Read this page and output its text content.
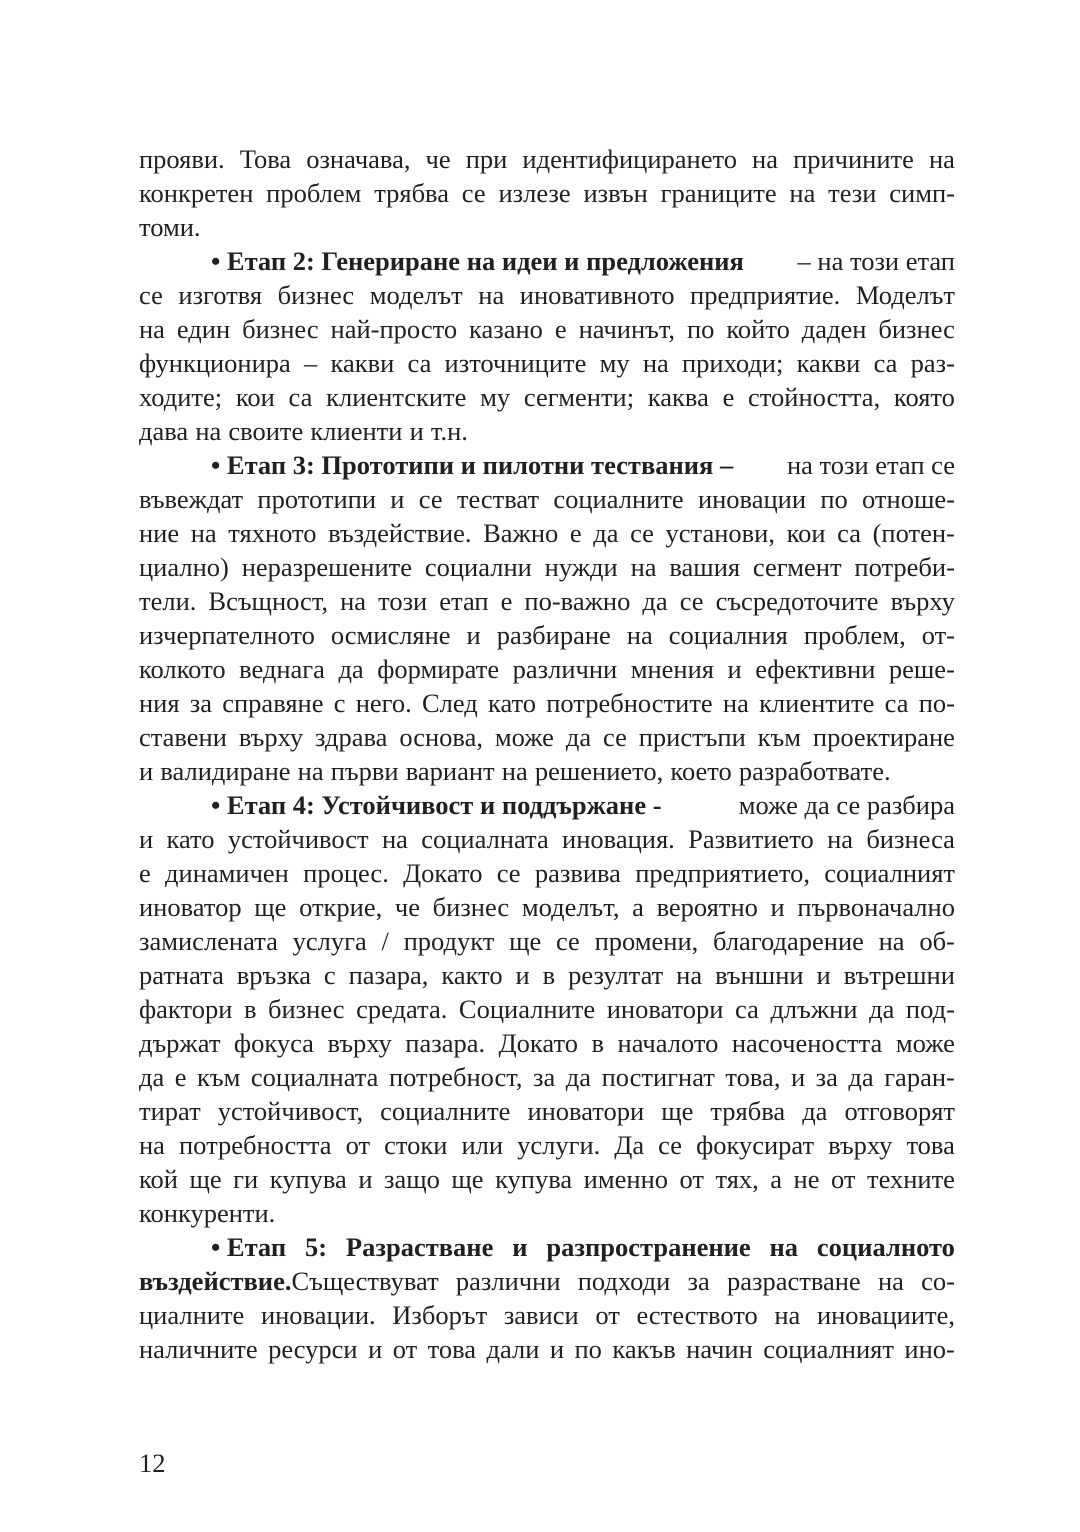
прояви. Това означава, че при идентифицирането на причините на
конкретен проблем трябва се излезе извън границите на тези симп-
томи.
• Етап 2: Генериране на идеи и предложения – на този етап
се изготвя бизнес моделът на иновативното предприятие. Моделът
на един бизнес най-просто казано е начинът, по който даден бизнес
функционира – какви са източниците му на приходи; какви са раз-
ходите; кои са клиентските му сегменти; каква е стойността, която
дава на своите клиенти и т.н.
• Етап 3: Прототипи и пилотни тествания – на този етап се
въвеждат прототипи и се тестват социалните иновации по отноше-
ние на тяхното въздействие. Важно е да се установи, кои са (потен-
циално) неразрешените социални нужди на вашия сегмент потреби-
тели. Всъщност, на този етап е по-важно да се съсредоточите върху
изчерпателното осмисляне и разбиране на социалния проблем, от-
колкото веднага да формирате различни мнения и ефективни реше-
ния за справяне с него. След като потребностите на клиентите са по-
ставени върху здрава основа, може да се пристъпи към проектиране
и валидиране на първи вариант на решението, което разработвате.
• Етап 4: Устойчивост и поддържане -	може да се разбира
и като устойчивост на социалната иновация. Развитието на бизнеса
е динамичен процес. Докато се развива предприятието, социалният
иноватор ще открие, че бизнес моделът, а вероятно и първоначално
замислената услуга / продукт ще се промени, благодарение на об-
ратната връзка с пазара, както и в резултат на външни и вътрешни
фактори в бизнес средата. Социалните иноватори са длъжни да под-
държат фокуса върху пазара. Докато в началото насочеността може
да е към социалната потребност, за да постигнат това, и за да гаран-
тират устойчивост, социалните иноватори ще трябва да отговорят
на потребността от стоки или услуги. Да се фокусират върху това
кой ще ги купува и защо ще купува именно от тях, а не от техните
конкуренти.
• Етап 5: Разрастване и разпространение на социалното
въздействие.Съществуват различни подходи за разрастване на со-
циалните иновации. Изборът зависи от естеството на иновациите,
наличните ресурси и от това дали и по какъв начин социалният ино-
12
